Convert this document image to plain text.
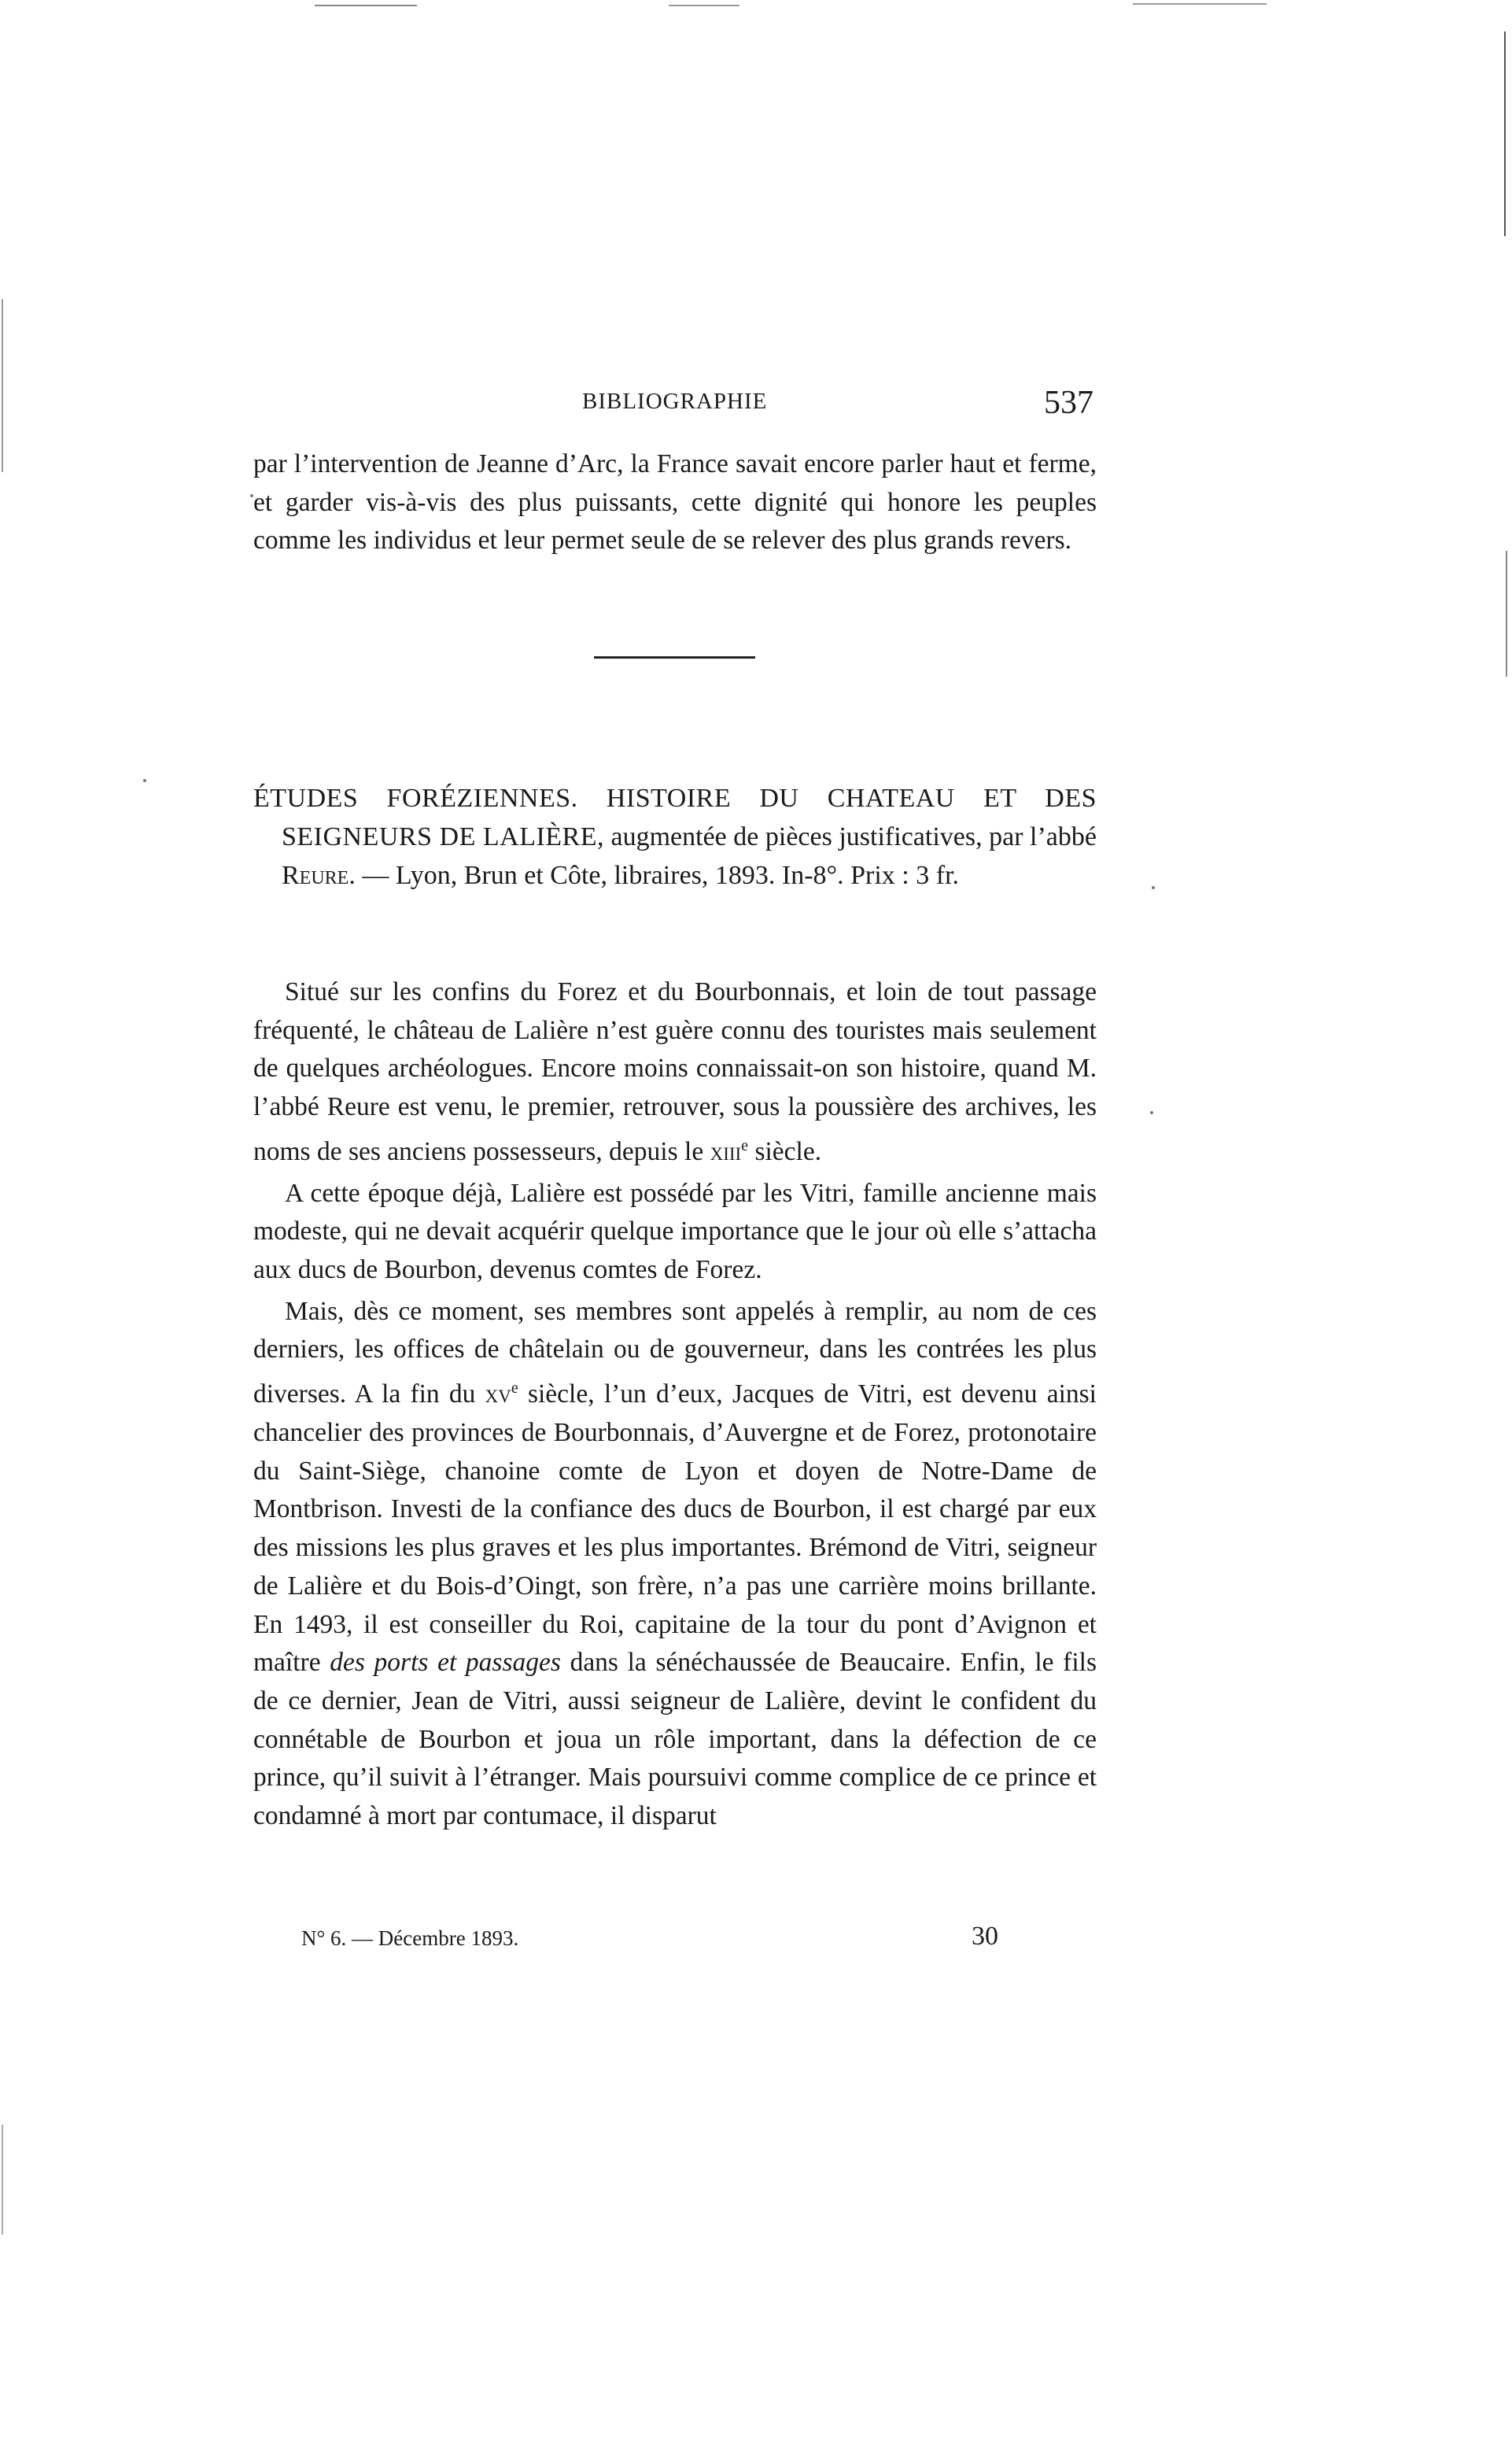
BIBLIOGRAPHIE	537

par l’intervention de Jeanne d’Arc, la France savait encore parler haut et ferme, et garder vis-à-vis des plus puissants, cette dignité qui honore les peuples comme les individus et leur permet seule de se relever des plus grands revers.

ÉTUDES FORÉZIENNES. HISTOIRE DU CHATEAU ET DES SEIGNEURS DE LALIÈRE, augmentée de pièces justificatives, par l’abbé Reure. — Lyon, Brun et Côte, libraires, 1893. In-8°. Prix : 3 fr.

Situé sur les confins du Forez et du Bourbonnais, et loin de tout passage fréquenté, le château de Lalière n’est guère connu des touristes mais seulement de quelques archéologues. Encore moins connaissait-on son histoire, quand M. l’abbé Reure est venu, le premier, retrouver, sous la poussière des archives, les noms de ses anciens possesseurs, depuis le xiii$^e$ siècle.

A cette époque déjà, Lalière est possédé par les Vitri, famille ancienne mais modeste, qui ne devait acquérir quelque importance que le jour où elle s’attacha aux ducs de Bourbon, devenus comtes de Forez.

Mais, dès ce moment, ses membres sont appelés à remplir, au nom de ces derniers, les offices de châtelain ou de gouverneur, dans les contrées les plus diverses. A la fin du $xv^e$ siècle, l’un d’eux, Jacques de Vitri, est devenu ainsi chancelier des provinces de Bourbonnais, d’Auvergne et de Forez, protonotaire du Saint-Siège, chanoine comte de Lyon et doyen de Notre-Dame de Montbrison. Investi de la confiance des ducs de Bourbon, il est chargé par eux des missions les plus graves et les plus importantes. Brémond de Vitri, seigneur de Lalière et du Bois-d’Oingt, son frère, n’a pas une carrière moins brillante. En 1493, il est conseiller du Roi, capitaine de la tour du pont d’Avignon et maître des ports et passages dans la sénéchaussée de Beaucaire. Enfin, le fils de ce dernier, Jean de Vitri, aussi seigneur de Lalière, devint le confident du connétable de Bourbon et joua un rôle important, dans la défection de ce prince, qu’il suivit à l’étranger. Mais poursuivi comme complice de ce prince et condamné à mort par contumace, il disparut

N° 6. — Décembre 1893.	30
